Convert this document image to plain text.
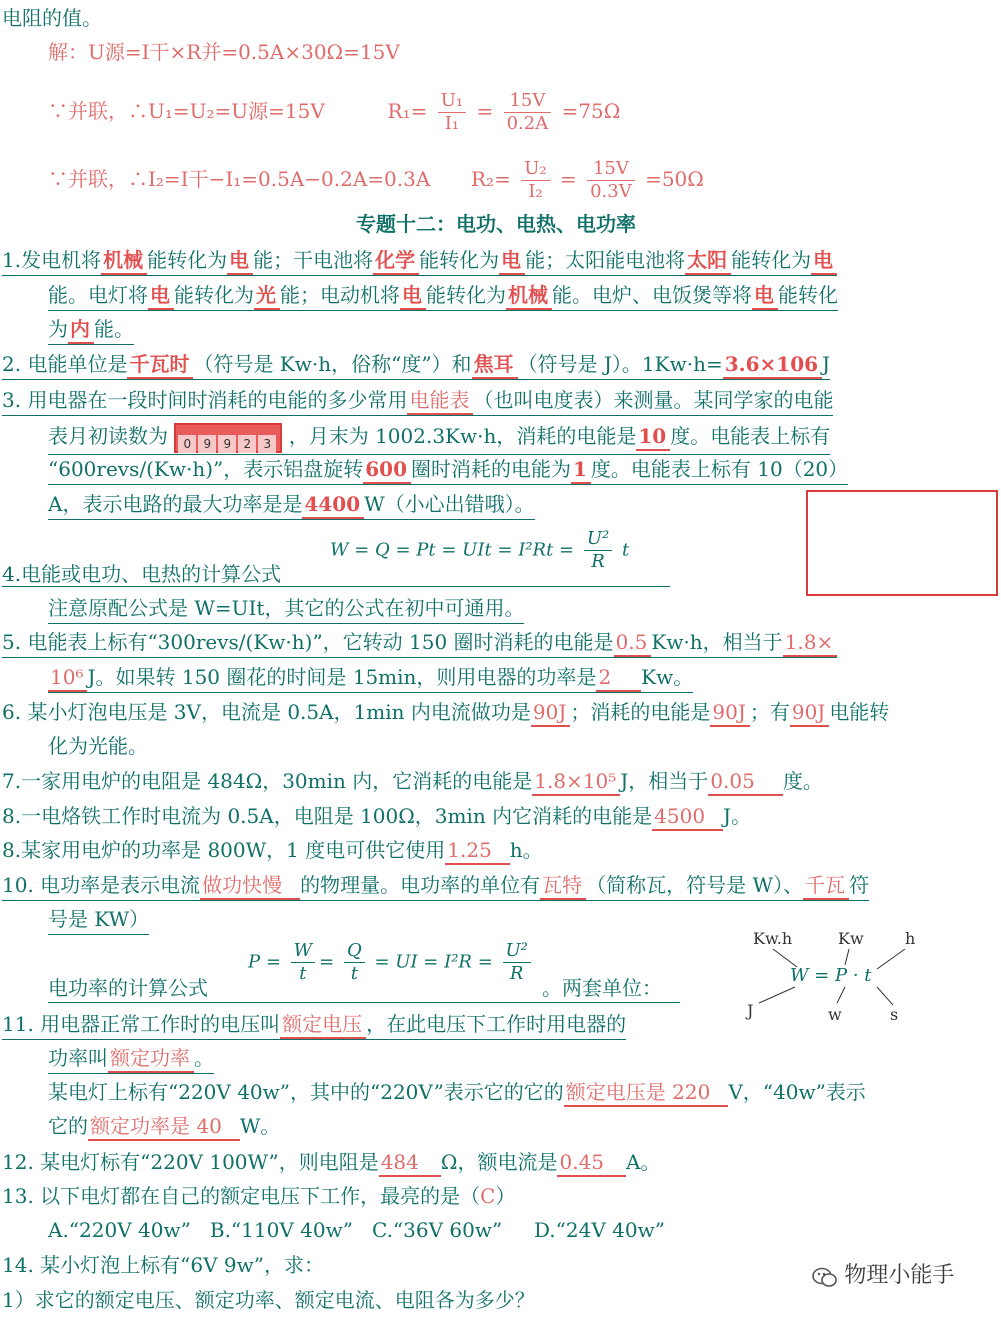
电阻的值。
解：U源=I干×R并=0.5A×30Ω=15V
∵并联，∴U₁=U₂=U源=15V	$R_1= \frac{\text{U₁}}{\text{I₁}} = \frac{15V}{0.2A} =75\Omega$
∵并联，∴I₂=I干−I₁=0.5A−0.2A=0.3A $R_2= \frac{\text{U₂}}{\text{I₂}} = \frac{15V}{0.3V} =50\Omega$
专题十二：电功、电热、电功率
1.发电机将 机械 能转化为 电 能；干电池将 化学 能转化为 电 能；太阳能电池将 太阳 能转化为 电
能。电灯将 电 能转化为 光 能；电动机将 电 能转化为 机械 能。电炉、电饭煲等将 电 能转化
为 内 能。
2. 电能单位是 千瓦时 （符号是 Kw·h，俗称“度”）和 焦耳 （符号是 J）。1Kw·h= 3.6×106 J
3. 用电器在一段时间时消耗的电能的多少常用 电能表 （也叫电度表）来测量。某同学家的电能
表月初读数为 0 9 9 2 3 ，月末为 1002.3Kw·h，消耗的电能是 10 度。电能表上标有
“600revs/(Kw·h)”，表示铝盘旋转 600 圈时消耗的电能为 1 度。电能表上标有 10（20）
A，表示电路的最大功率是是 4400 W（小心出错哦）。
4.电能或电功、电热的计算公式
W = Q = Pt = UIt = $I^2Rt = \frac{\text{U²}}{R}$ t
注意原配公式是 W=UIt，其它的公式在初中可通用。
5. 电能表上标有“300revs/(Kw·h)”，它转动 150 圈时消耗的电能是 0.5 Kw·h，相当于 1.8×
10⁶ J。如果转 150 圈花的时间是 15min，则用电器的功率是 2 Kw。
6. 某小灯泡电压是 3V，电流是 0.5A，1min 内电流做功是 90J ；消耗的电能是 90J ；有 90J 电能转
化为光能。
7.一家用电炉的电阻是 484Ω，30min 内，它消耗的电能是 1.8×10⁵ J，相当于 0.05 度。
8.一电烙铁工作时电流为 0.5A，电阻是 100Ω，3min 内它消耗的电能是 4500 J。
8.某家用电炉的功率是 800W，1 度电可供它使用 1.25 h。
10. 电功率是表示电流 做功快慢 的物理量。电功率的单位有 瓦特 （简称瓦，符号是 W）、 千瓦 符
号是 KW）
电功率的计算公式
$P = \frac{W}{t} = \frac{Q}{t}$ = UI = $I^2R = \frac{\text{U²}}{R}$
。两套单位：
Kw.h	Kw	h
W = P · t
J	w	s
11. 用电器正常工作时的电压叫 额定电压 ，在此电压下工作时用电器的
功率叫 额定功率 。
某电灯上标有“220V 40w”，其中的“220V”表示它的它的 额定电压是 220 V，“40w”表示
它的 额定功率是 40 W。
12. 某电灯标有“220V 100W”，则电阻是 484 Ω，额电流是 0.45 A。
13. 以下电灯都在自己的额定电压下工作，最亮的是（C）
A.“220V 40w”   B.“110V 40w”   C.“36V 60w”     D.“24V 40w”
14. 某小灯泡上标有“6V 9w”，求：
1）求它的额定电压、额定功率、额定电流、电阻各为多少？
物理小能手
